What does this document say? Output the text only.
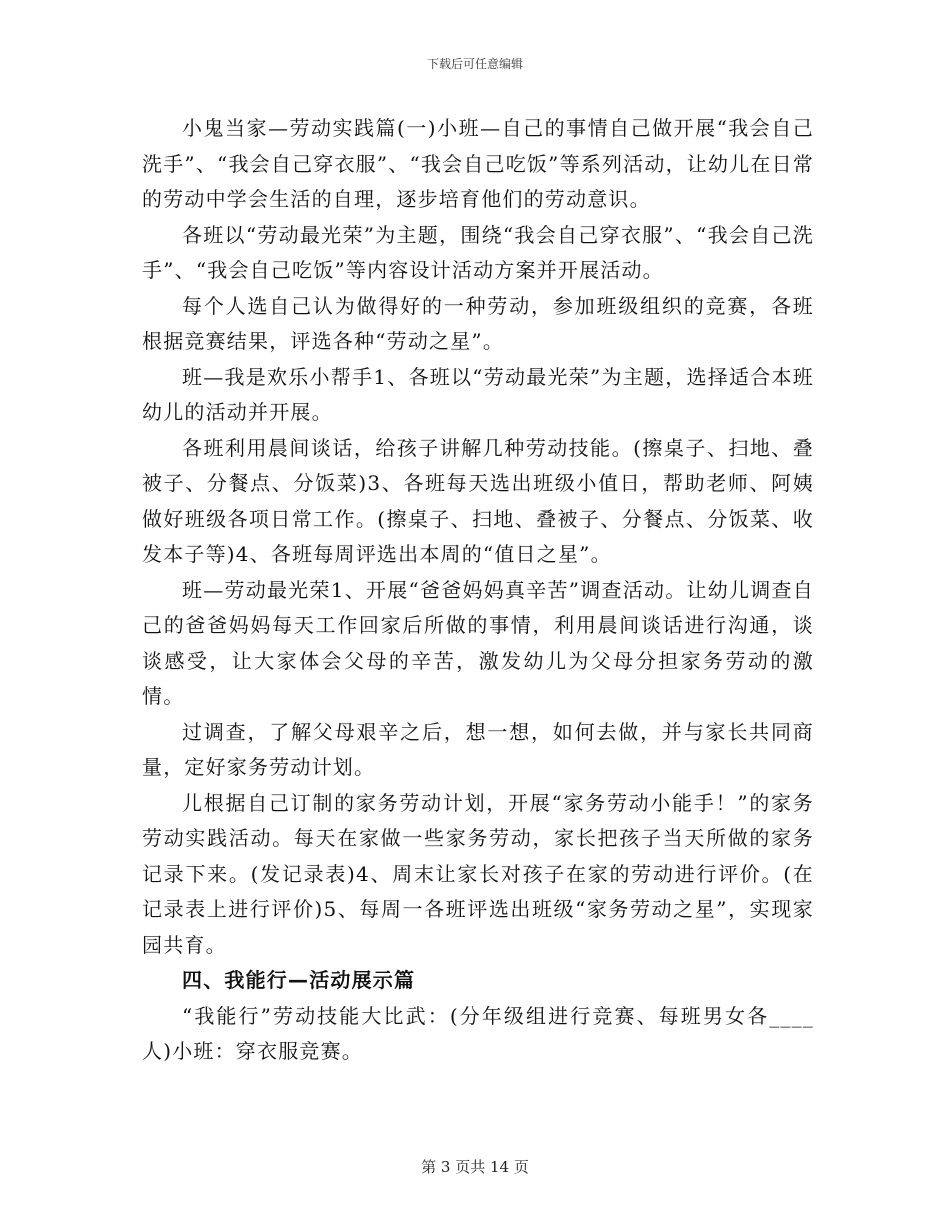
下载后可任意编辑

小鬼当家—劳动实践篇(一)小班—自己的事情自己做开展“我会自己洗手”、“我会自己穿衣服”、“我会自己吃饭”等系列活动，让幼儿在日常的劳动中学会生活的自理，逐步培育他们的劳动意识。

各班以“劳动最光荣”为主题，围绕“我会自己穿衣服”、“我会自己洗手”、“我会自己吃饭”等内容设计活动方案并开展活动。

每个人选自己认为做得好的一种劳动，参加班级组织的竞赛，各班根据竞赛结果，评选各种“劳动之星”。

班—我是欢乐小帮手1、各班以“劳动最光荣”为主题，选择适合本班幼儿的活动并开展。

各班利用晨间谈话，给孩子讲解几种劳动技能。(擦桌子、扫地、叠被子、分餐点、分饭菜)3、各班每天选出班级小值日，帮助老师、阿姨做好班级各项日常工作。(擦桌子、扫地、叠被子、分餐点、分饭菜、收发本子等)4、各班每周评选出本周的“值日之星”。

班—劳动最光荣1、开展“爸爸妈妈真辛苦”调查活动。让幼儿调查自己的爸爸妈妈每天工作回家后所做的事情，利用晨间谈话进行沟通，谈谈感受，让大家体会父母的辛苦，激发幼儿为父母分担家务劳动的激情。

过调查，了解父母艰辛之后，想一想，如何去做，并与家长共同商量，定好家务劳动计划。

儿根据自己订制的家务劳动计划，开展“家务劳动小能手！”的家务劳动实践活动。每天在家做一些家务劳动，家长把孩子当天所做的家务记录下来。(发记录表)4、周末让家长对孩子在家的劳动进行评价。(在记录表上进行评价)5、每周一各班评选出班级“家务劳动之星”，实现家园共育。

四、我能行—活动展示篇

“我能行”劳动技能大比武：(分年级组进行竞赛、每班男女各____人)小班：穿衣服竞赛。

第 3 页共 14 页
